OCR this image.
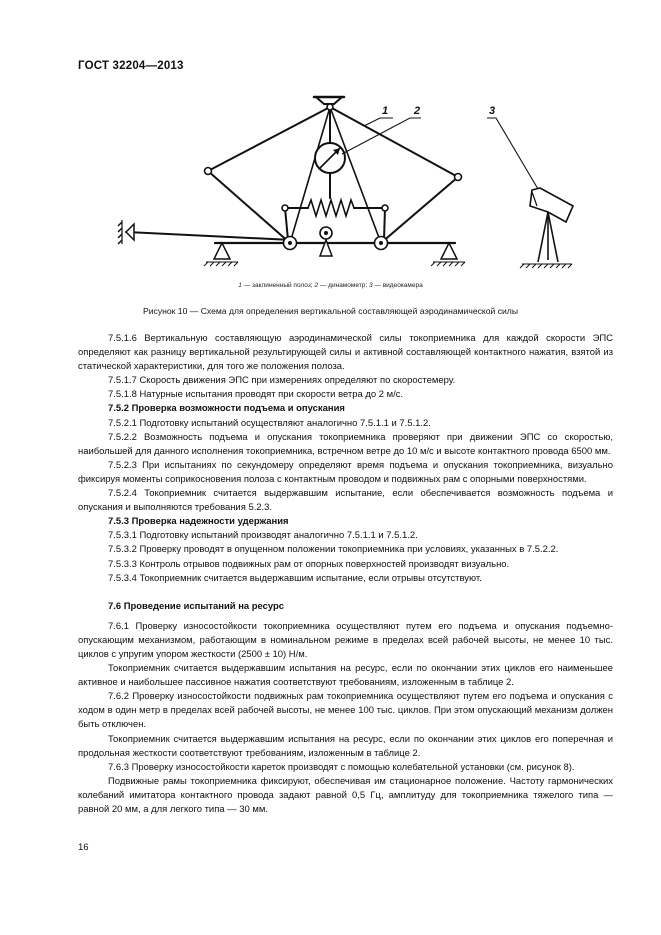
ГОСТ 32204—2013
1 2	3
1 — заклиненный полоз; 2 — динамометр; 3 — видеокамера
Рисунок 10 — Схема для определения вертикальной составляющей аэродинамической силы

7.5.1.6 Вертикальную составляющую аэродинамической силы токоприемника для каждой скорости ЭПС определяют как разницу вертикальной результирующей силы и активной составляющей контактного нажатия, взятой из статической характеристики, для того же положения полоза.

7.5.1.7 Скорость движения ЭПС при измерениях определяют по скоростемеру.

7.5.1.8 Натурные испытания проводят при скорости ветра до 2 м/с.

7.5.2 Проверка возможности подъема и опускания

7.5.2.1 Подготовку испытаний осуществляют аналогично 7.5.1.1 и 7.5.1.2.

7.5.2.2 Возможность подъема и опускания токоприемника проверяют при движении ЭПС со скоростью, наибольшей для данного исполнения токоприемника, встречном ветре до 10 м/с и высоте контактного провода 6500 мм.

7.5.2.3 При испытаниях по секундомеру определяют время подъема и опускания токоприемника, визуально фиксируя моменты соприкосновения полоза с контактным проводом и подвижных рам с опорными поверхностями.

7.5.2.4 Токоприемник считается выдержавшим испытание, если обеспечивается возможность подъема и опускания и выполняются требования 5.2.3.

7.5.3 Проверка надежности удержания

7.5.3.1 Подготовку испытаний производят аналогично 7.5.1.1 и 7.5.1.2.

7.5.3.2 Проверку проводят в опущенном положении токоприемника при условиях, указанных в 7.5.2.2.

7.5.3.3 Контроль отрывов подвижных рам от опорных поверхностей производят визуально.

7.5.3.4 Токоприемник считается выдержавшим испытание, если отрывы отсутствуют.

7.6 Проведение испытаний на ресурс

7.6.1 Проверку износостойкости токоприемника осуществляют путем его подъема и опускания подъемно-опускающим механизмом, работающим в номинальном режиме в пределах всей рабочей высоты, не менее 10 тыс. циклов с упругим упором жесткости (2500 ± 10) Н/м.

Токоприемник считается выдержавшим испытания на ресурс, если по окончании этих циклов его наименьшее активное и наибольшее пассивное нажатия соответствуют требованиям, изложенным в таблице 2.

7.6.2 Проверку износостойкости подвижных рам токоприемника осуществляют путем его подъема и опускания с ходом в один метр в пределах всей рабочей высоты, не менее 100 тыс. циклов. При этом опускающий механизм должен быть отключен.

Токоприемник считается выдержавшим испытания на ресурс, если по окончании этих циклов его поперечная и продольная жесткости соответствуют требованиям, изложенным в таблице 2.

7.6.3 Проверку износостойкости кареток производят с помощью колебательной установки (см. рисунок 8).

Подвижные рамы токоприемника фиксируют, обеспечивая им стационарное положение. Частоту гармонических колебаний имитатора контактного провода задают равной 0,5 Гц, амплитуду для токоприемника тяжелого типа — равной 20 мм, а для легкого типа — 30 мм.

16
